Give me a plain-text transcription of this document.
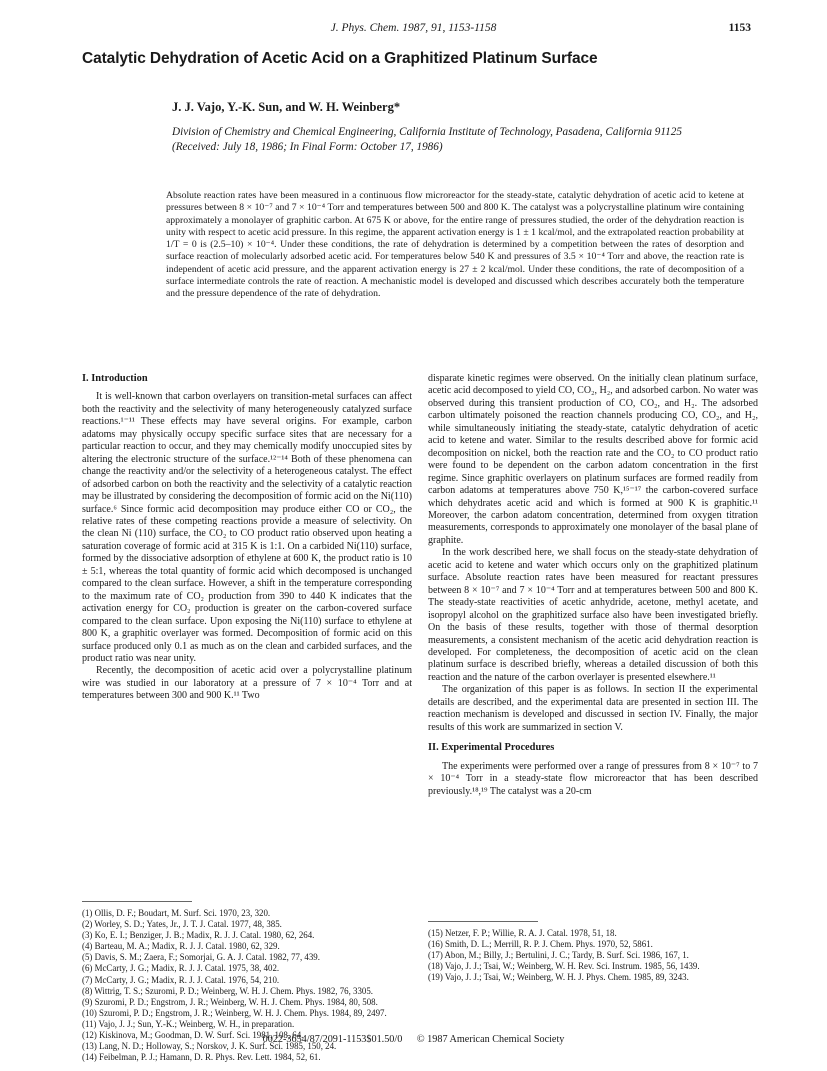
J. Phys. Chem. 1987, 91, 1153-1158	1153
Catalytic Dehydration of Acetic Acid on a Graphitized Platinum Surface
J. J. Vajo, Y.-K. Sun, and W. H. Weinberg*
Division of Chemistry and Chemical Engineering, California Institute of Technology, Pasadena, California 91125 (Received: July 18, 1986; In Final Form: October 17, 1986)
Absolute reaction rates have been measured in a continuous flow microreactor for the steady-state, catalytic dehydration of acetic acid to ketene at pressures between 8 × 10⁻⁷ and 7 × 10⁻⁴ Torr and temperatures between 500 and 800 K. The catalyst was a polycrystalline platinum wire containing approximately a monolayer of graphitic carbon. At 675 K or above, for the entire range of pressures studied, the order of the dehydration reaction is unity with respect to acetic acid pressure. In this regime, the apparent activation energy is 1 ± 1 kcal/mol, and the extrapolated reaction probability at 1/T = 0 is (2.5–10) × 10⁻⁴. Under these conditions, the rate of dehydration is determined by a competition between the rates of desorption and surface reaction of molecularly adsorbed acetic acid. For temperatures below 540 K and pressures of 3.5 × 10⁻⁴ Torr and above, the reaction rate is independent of acetic acid pressure, and the apparent activation energy is 27 ± 2 kcal/mol. Under these conditions, the rate of decomposition of a surface intermediate controls the rate of reaction. A mechanistic model is developed and discussed which describes accurately both the temperature and the pressure dependence of the rate of dehydration.
I. Introduction

It is well-known that carbon overlayers on transition-metal surfaces can affect both the reactivity and the selectivity of many heterogeneously catalyzed surface reactions.¹⁻¹¹ These effects may have several origins. For example, carbon adatoms may physically occupy specific surface sites that are necessary for a particular reaction to occur, and they may chemically modify unoccupied sites by altering the electronic structure of the surface.¹²⁻¹⁴ Both of these phenomena can change the reactivity and/or the selectivity of a heterogeneous catalyst. The effect of adsorbed carbon on both the reactivity and the selectivity of a catalytic reaction may be illustrated by considering the decomposition of formic acid on the Ni(110) surface.⁶ Since formic acid decomposition may produce either CO or CO₂, the relative rates of these competing reactions provide a measure of selectivity. On the clean Ni (110) surface, the CO₂ to CO product ratio observed upon heating a saturation coverage of formic acid at 315 K is 1:1. On a carbided Ni(110) surface, formed by the dissociative adsorption of ethylene at 600 K, the product ratio is 10 ± 5:1, whereas the total quantity of formic acid which decomposed is unchanged compared to the clean surface. However, a shift in the temperature corresponding to the maximum rate of CO₂ production from 390 to 440 K indicates that the activation energy for CO₂ production is greater on the carbon-covered surface compared to the clean surface. Upon exposing the Ni(110) surface to ethylene at 800 K, a graphitic overlayer was formed. Decomposition of formic acid on this surface produced only 0.1 as much as on the clean and carbided surfaces, and the product ratio was near unity.

Recently, the decomposition of acetic acid over a polycrystalline platinum wire was studied in our laboratory at a pressure of 7 × 10⁻⁴ Torr and at temperatures between 300 and 900 K.¹¹ Two

(1) Ollis, D. F.; Boudart, M. Surf. Sci. 1970, 23, 320.
(2) Worley, S. D.; Yates, Jr., J. T. J. Catal. 1977, 48, 385.
(3) Ko, E. I.; Benziger, J. B.; Madix, R. J. J. Catal. 1980, 62, 264.
(4) Barteau, M. A.; Madix, R. J. J. Catal. 1980, 62, 329.
(5) Davis, S. M.; Zaera, F.; Somorjai, G. A. J. Catal. 1982, 77, 439.
(6) McCarty, J. G.; Madix, R. J. J. Catal. 1975, 38, 402.
(7) McCarty, J. G.; Madix, R. J. J. Catal. 1976, 54, 210.
(8) Wittrig, T. S.; Szuromi, P. D.; Weinberg, W. H. J. Chem. Phys. 1982, 76, 3305.
(9) Szuromi, P. D.; Engstrom, J. R.; Weinberg, W. H. J. Chem. Phys. 1984, 80, 508.
(10) Szuromi, P. D.; Engstrom, J. R.; Weinberg, W. H. J. Chem. Phys. 1984, 89, 2497.
(11) Vajo, J. J.; Sun, Y.-K.; Weinberg, W. H., in preparation.
(12) Kiskinova, M.; Goodman, D. W. Surf. Sci. 1981, 108, 64.
(13) Lang, N. D.; Holloway, S.; Norskov, J. K. Surf. Sci. 1985, 150, 24.
(14) Feibelman, P. J.; Hamann, D. R. Phys. Rev. Lett. 1984, 52, 61.

disparate kinetic regimes were observed. On the initially clean platinum surface, acetic acid decomposed to yield CO, CO₂, H₂, and adsorbed carbon. No water was observed during this transient production of CO, CO₂, and H₂. The adsorbed carbon ultimately poisoned the reaction channels producing CO, CO₂, and H₂, while simultaneously initiating the steady-state, catalytic dehydration of acetic acid to ketene and water. Similar to the results described above for formic acid decomposition on nickel, both the reaction rate and the CO₂ to CO product ratio were found to be dependent on the carbon adatom concentration in the first regime. Since graphitic overlayers on platinum surfaces are formed readily from carbon adatoms at temperatures above 750 K,¹⁵⁻¹⁷ the carbon-covered surface which dehydrates acetic acid and which is formed at 900 K is graphitic.¹¹ Moreover, the carbon adatom concentration, determined from oxygen titration measurements, corresponds to approximately one monolayer of the basal plane of graphite.

In the work described here, we shall focus on the steady-state dehydration of acetic acid to ketene and water which occurs only on the graphitized platinum surface. Absolute reaction rates have been measured for reactant pressures between 8 × 10⁻⁷ and 7 × 10⁻⁴ Torr and at temperatures between 500 and 800 K. The steady-state reactivities of acetic anhydride, acetone, methyl acetate, and isopropyl alcohol on the graphitized surface also have been investigated briefly. On the basis of these results, together with those of thermal desorption measurements, a consistent mechanism of the acetic acid dehydration reaction is developed. For completeness, the decomposition of acetic acid on the clean platinum surface is described briefly, whereas a detailed discussion of both this reaction and the nature of the carbon overlayer is presented elsewhere.¹¹

The organization of this paper is as follows. In section II the experimental details are described, and the experimental data are presented in section III. The reaction mechanism is developed and discussed in section IV. Finally, the major results of this work are summarized in section V.

II. Experimental Procedures

The experiments were performed over a range of pressures from 8 × 10⁻⁷ to 7 × 10⁻⁴ Torr in a steady-state flow microreactor that has been described previously.¹⁸,¹⁹ The catalyst was a 20-cm

(15) Netzer, F. P.; Willie, R. A. J. Catal. 1978, 51, 18.
(16) Smith, D. L.; Merrill, R. P. J. Chem. Phys. 1970, 52, 5861.
(17) Abon, M.; Billy, J.; Bertulini, J. C.; Tardy, B. Surf. Sci. 1986, 167, 1.
(18) Vajo, J. J.; Tsai, W.; Weinberg, W. H. Rev. Sci. Instrum. 1985, 56, 1439.
(19) Vajo, J. J.; Tsai, W.; Weinberg, W. H. J. Phys. Chem. 1985, 89, 3243.
0022-3654/87/2091-1153$01.50/0 © 1987 American Chemical Society
